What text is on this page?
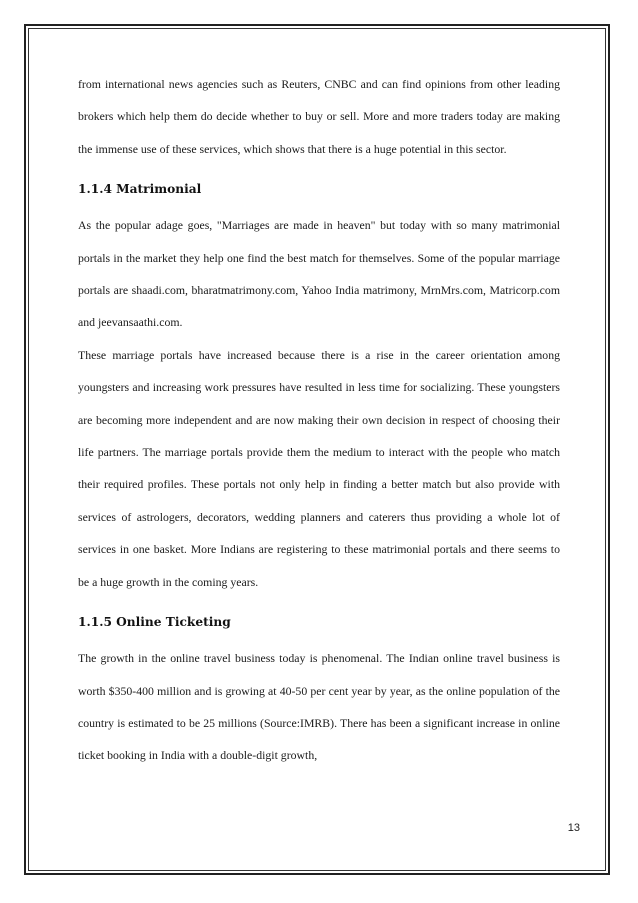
from international news agencies such as Reuters, CNBC and can find opinions from other leading brokers which help them do decide whether to buy or sell. More and more traders today are making the immense use of these services, which shows that there is a huge potential in this sector.

1.1.4 Matrimonial

As the popular adage goes, "Marriages are made in heaven" but today with so many matrimonial portals in the market they help one find the best match for themselves. Some of the popular marriage portals are shaadi.com, bharatmatrimony.com, Yahoo India matrimony, MrnMrs.com, Matricorp.com and jeevansaathi.com.

These marriage portals have increased because there is a rise in the career orientation among youngsters and increasing work pressures have resulted in less time for socializing. These youngsters are becoming more independent and are now making their own decision in respect of choosing their life partners. The marriage portals provide them the medium to interact with the people who match their required profiles. These portals not only help in finding a better match but also provide with services of astrologers, decorators, wedding planners and caterers thus providing a whole lot of services in one basket. More Indians are registering to these matrimonial portals and there seems to be a huge growth in the coming years.

1.1.5 Online Ticketing

The growth in the online travel business today is phenomenal. The Indian online travel business is worth $350-400 million and is growing at 40-50 per cent year by year, as the online population of the country is estimated to be 25 millions (Source:IMRB). There has been a significant increase in online ticket booking in India with a double-digit growth,

13
